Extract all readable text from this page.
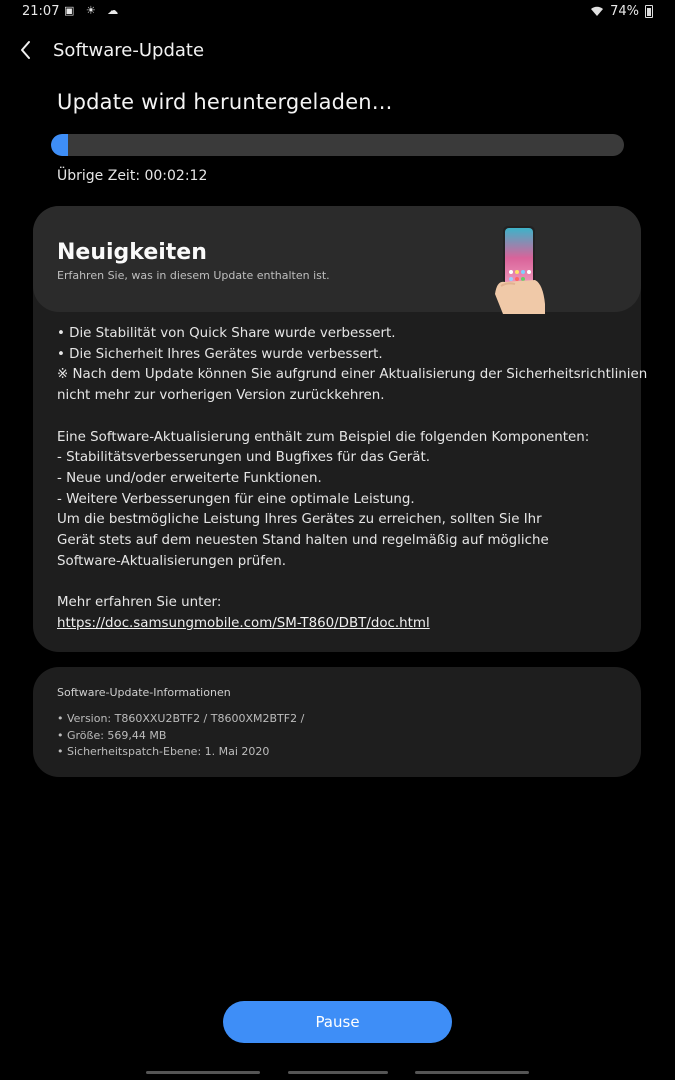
21:07 ▣ ☀ ☁	74%
Software-Update
Update wird heruntergeladen...
Übrige Zeit: 00:02:12
Neuigkeiten
Erfahren Sie, was in diesem Update enthalten ist.

• Die Stabilität von Quick Share wurde verbessert.

• Die Sicherheit Ihres Gerätes wurde verbessert.

※ Nach dem Update können Sie aufgrund einer Aktualisierung der Sicherheitsrichtlinien

nicht mehr zur vorherigen Version zurückkehren.

Eine Software-Aktualisierung enthält zum Beispiel die folgenden Komponenten:

- Stabilitätsverbesserungen und Bugfixes für das Gerät.

- Neue und/oder erweiterte Funktionen.

- Weitere Verbesserungen für eine optimale Leistung.

Um die bestmögliche Leistung Ihres Gerätes zu erreichen, sollten Sie Ihr

Gerät stets auf dem neuesten Stand halten und regelmäßig auf mögliche

Software-Aktualisierungen prüfen.

Mehr erfahren Sie unter:

https://doc.samsungmobile.com/SM-T860/DBT/doc.html

Software-Update-Informationen
• Version: T860XXU2BTF2 / T8600XM2BTF2 /
• Größe: 569,44 MB
• Sicherheitspatch-Ebene: 1. Mai 2020
Pause
